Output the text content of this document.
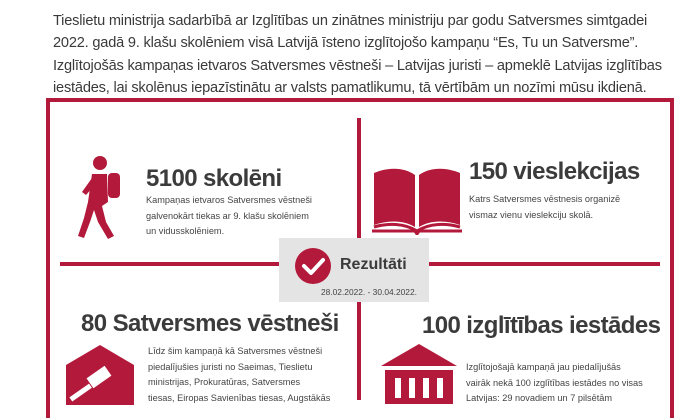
Tieslietu ministrija sadarbībā ar Izglītības un zinātnes ministriju par godu Satversmes simtgadei 2022. gadā 9. klašu skolēniem visā Latvijā īsteno izglītojošo kampaņu “Es, Tu un Satversme”. Izglītojošās kampaņas ietvaros Satversmes vēstneši – Latvijas juristi – apmeklē Latvijas izglītības iestādes, lai skolēnus iepazīstinātu ar valsts pamatlikumu, tā vērtībām un nozīmi mūsu ikdienā.

5100 skolēni
Kampaņas ietvaros Satversmes vēstneši
galvenokārt tiekas ar 9. klašu skolēniem
un vidusskolēniem.
150 vieslekcijas
Katrs Satversmes vēstnesis organizē
vismaz vienu vieslekciju skolā.
Rezultāti
28.02.2022. - 30.04.2022.
80 Satversmes vēstneši
Līdz šim kampaņā kā Satversmes vēstneši
piedalījušies juristi no Saeimas, Tieslietu
ministrijas, Prokuratūras, Satversmes
tiesas, Eiropas Savienības tiesas, Augstākās
100 izglītības iestādes
Izglītojošajā kampaņā jau piedalījušās
vairāk nekā 100 izglītības iestādes no visas
Latvijas: 29 novadiem un 7 pilsētām
